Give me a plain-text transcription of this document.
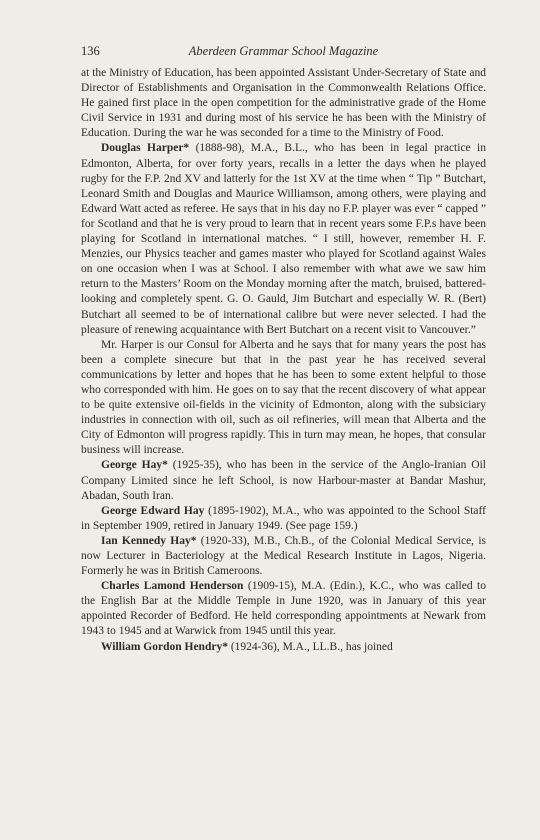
136	Aberdeen Grammar School Magazine

at the Ministry of Education, has been appointed Assistant Under-Secretary of State and Director of Establishments and Organisation in the Commonwealth Relations Office. He gained first place in the open competition for the administrative grade of the Home Civil Service in 1931 and during most of his service he has been with the Ministry of Education. During the war he was seconded for a time to the Ministry of Food.

Douglas Harper* (1888-98), M.A., B.L., who has been in legal practice in Edmonton, Alberta, for over forty years, recalls in a letter the days when he played rugby for the F.P. 2nd XV and latterly for the 1st XV at the time when “ Tip ” Butchart, Leonard Smith and Douglas and Maurice Williamson, among others, were playing and Edward Watt acted as referee. He says that in his day no F.P. player was ever “ capped ” for Scotland and that he is very proud to learn that in recent years some F.P.s have been playing for Scotland in international matches. “ I still, however, remember H. F. Menzies, our Physics teacher and games master who played for Scotland against Wales on one occasion when I was at School. I also remember with what awe we saw him return to the Masters’ Room on the Monday morning after the match, bruised, battered-looking and completely spent. G. O. Gauld, Jim Butchart and especially W. R. (Bert) Butchart all seemed to be of international calibre but were never selected. I had the pleasure of renewing acquaintance with Bert Butchart on a recent visit to Vancouver.”

Mr. Harper is our Consul for Alberta and he says that for many years the post has been a complete sinecure but that in the past year he has received several communications by letter and hopes that he has been to some extent helpful to those who corresponded with him. He goes on to say that the recent discovery of what appear to be quite extensive oil-fields in the vicinity of Edmonton, along with the subsiciary industries in connection with oil, such as oil refineries, will mean that Alberta and the City of Edmonton will progress rapidly. This in turn may mean, he hopes, that consular business will increase.

George Hay* (1925-35), who has been in the service of the Anglo-Iranian Oil Company Limited since he left School, is now Harbour-master at Bandar Mashur, Abadan, South Iran.

George Edward Hay (1895-1902), M.A., who was appointed to the School Staff in September 1909, retired in January 1949. (See page 159.)

Ian Kennedy Hay* (1920-33), M.B., Ch.B., of the Colonial Medical Service, is now Lecturer in Bacteriology at the Medical Research Institute in Lagos, Nigeria. Formerly he was in British Cameroons.

Charles Lamond Henderson (1909-15), M.A. (Edin.), K.C., who was called to the English Bar at the Middle Temple in June 1920, was in January of this year appointed Recorder of Bedford. He held corresponding appointments at Newark from 1943 to 1945 and at Warwick from 1945 until this year.

William Gordon Hendry* (1924-36), M.A., LL.B., has joined
